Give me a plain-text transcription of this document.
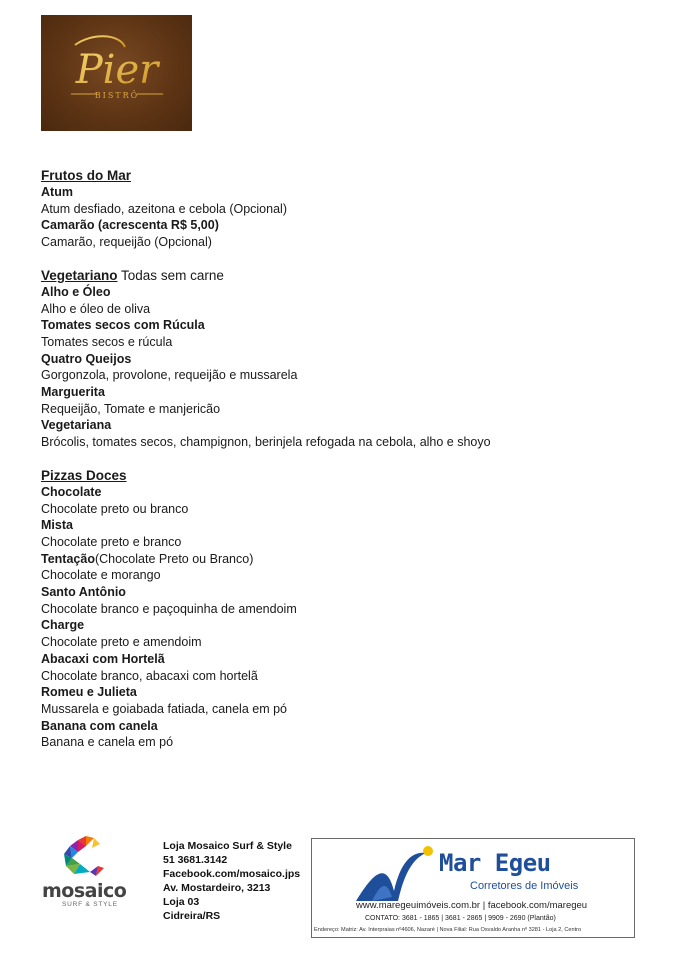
Pier
BISTRÔ
Frutos do Mar
Atum
Atum desfiado, azeitona e cebola (Opcional)
Camarão (acrescenta R$ 5,00)
Camarão, requeijão (Opcional)
Vegetariano Todas sem carne
Alho e Óleo
Alho e óleo de oliva
Tomates secos com Rúcula
Tomates secos e rúcula
Quatro Queijos
Gorgonzola, provolone, requeijão e mussarela
Marguerita
Requeijão, Tomate e manjericão
Vegetariana
Brócolis, tomates secos, champignon, berinjela refogada na cebola, alho e shoyo
Pizzas Doces
Chocolate
Chocolate preto ou branco
Mista
Chocolate preto e branco
Tentação(Chocolate Preto ou Branco)
Chocolate e morango
Santo Antônio
Chocolate branco e paçoquinha de amendoim
Charge
Chocolate preto e amendoim
Abacaxi com Hortelã
Chocolate branco, abacaxi com hortelã
Romeu e Julieta
Mussarela e goiabada fatiada, canela em pó
Banana com canela
Banana e canela em pó
mosaico
SURF & STYLE
Loja Mosaico Surf & Style
51 3681.3142
Facebook.com/mosaico.jps
Av. Mostardeiro, 3213
Loja 03
Cidreira/RS
Mar Egeu
Corretores de Imóveis
www.maregeuimóveis.com.br | facebook.com/maregeu
CONTATO: 3681 - 1865 | 3681 - 2865 | 9909 - 2690 (Plantão)
Endereço: Matriz: Av. Interpraias nº4606, Nazaré | Nova Filial: Rua Osvaldo Aranha nº 3281 - Loja 2, Centro
